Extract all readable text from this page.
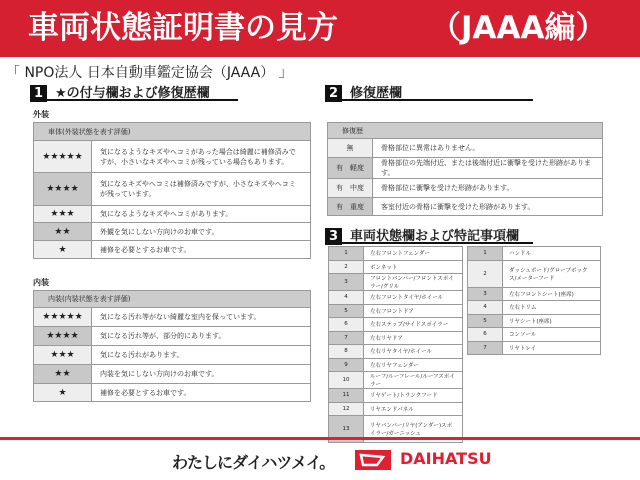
車両状態証明書の見方	（JAAA編）
「 NPO法人 日本自動車鑑定協会（JAAA） 」
1 ★の付与欄および修復歴欄
外装
車体(外装状態を表す評価)	
★★★★★	気になるようなキズやヘコミがあった場合は綺麗に補修済みですが、小さいなキズやヘコミが残っている場合もあります。
★★★★	気になるキズやヘコミは補修済みですが、小さなキズやヘコミが残っています。
★★★	気になるようなキズやヘコミがあります。
★★	外観を気にしない方向けのお車です。
★	補修を必要とするお車です。
内装
内装(内装状態を表す評価)	
★★★★★	気になる汚れ等がない綺麗な室内を保っています。
★★★★	気になる汚れ等が、部分的にあります。
★★★	気になる汚れがあります。
★★	内装を気にしない方向けのお車です。
★	補修を必要とするお車です。
2 修復歴欄
修復歴	
無	骨格部位に異常はありません。
有　軽度	骨格部位の先端付近、または後端付近に衝撃を受けた形跡があります。
有　中度	骨格部位に衝撃を受けた形跡があります。
有　重度	客室付近の骨格に衝撃を受けた形跡があります。
3 車両状態欄および特記事項欄
1	左右フロントフェンダー
2	ボンネット
3	フロントバンパー/フロントスポイラー/グリル
4	左右フロントタイヤ/ホイール
5	左右フロントドア
6	左右ステップ/サイドスポイラー
7	左右リヤドア
8	左右リヤタイヤ/ホイール
9	左右リヤフェンダー
10	ルーフ/ルーフレール/ルーフスポイラー
11	リヤゲート/トランクフード
12	リヤエンドパネル
13	リヤバンパー/リヤ(アンダー)スポイラー/ガーニッシュ
1	ハンドル
2	ダッシュボード/グローブボックス/メーターフード
3	左右フロントシート(座席)
4	左右トリム
5	リヤシート(座席)
6	コンソール
7	リヤトレイ
わたしにダイハツメイ。	DAIHATSU
